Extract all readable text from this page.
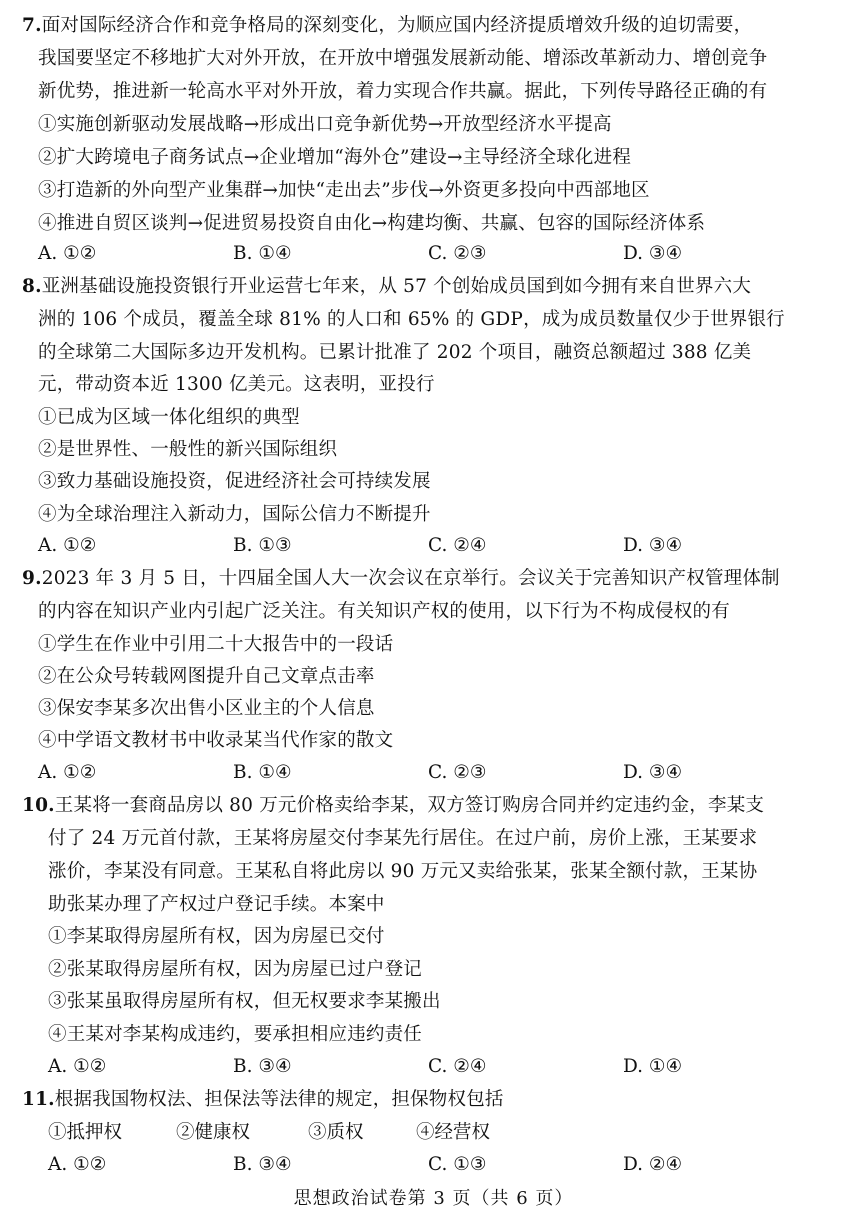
7.面对国际经济合作和竞争格局的深刻变化，为顺应国内经济提质增效升级的迫切需要，
我国要坚定不移地扩大对外开放，在开放中增强发展新动能、增添改革新动力、增创竞争
新优势，推进新一轮高水平对外开放，着力实现合作共赢。据此，下列传导路径正确的有
①实施创新驱动发展战略→形成出口竞争新优势→开放型经济水平提高
②扩大跨境电子商务试点→企业增加“海外仓”建设→主导经济全球化进程
③打造新的外向型产业集群→加快“走出去”步伐→外资更多投向中西部地区
④推进自贸区谈判→促进贸易投资自由化→构建均衡、共赢、包容的国际经济体系
A. ①②	B. ①④	C. ②③	D. ③④
8.亚洲基础设施投资银行开业运营七年来，从 57 个创始成员国到如今拥有来自世界六大
洲的 106 个成员，覆盖全球 81% 的人口和 65% 的 GDP，成为成员数量仅少于世界银行
的全球第二大国际多边开发机构。已累计批准了 202 个项目，融资总额超过 388 亿美
元，带动资本近 1300 亿美元。这表明，亚投行
①已成为区域一体化组织的典型
②是世界性、一般性的新兴国际组织
③致力基础设施投资，促进经济社会可持续发展
④为全球治理注入新动力，国际公信力不断提升
A. ①②	B. ①③	C. ②④	D. ③④
9.2023 年 3 月 5 日，十四届全国人大一次会议在京举行。会议关于完善知识产权管理体制
的内容在知识产业内引起广泛关注。有关知识产权的使用，以下行为不构成侵权的有
①学生在作业中引用二十大报告中的一段话
②在公众号转载网图提升自己文章点击率
③保安李某多次出售小区业主的个人信息
④中学语文教材书中收录某当代作家的散文
A. ①②	B. ①④	C. ②③	D. ③④
10.王某将一套商品房以 80 万元价格卖给李某，双方签订购房合同并约定违约金，李某支
付了 24 万元首付款，王某将房屋交付李某先行居住。在过户前，房价上涨，王某要求
涨价，李某没有同意。王某私自将此房以 90 万元又卖给张某，张某全额付款，王某协
助张某办理了产权过户登记手续。本案中
①李某取得房屋所有权，因为房屋已交付
②张某取得房屋所有权，因为房屋已过户登记
③张某虽取得房屋所有权，但无权要求李某搬出
④王某对李某构成违约，要承担相应违约责任
A. ①②	B. ③④	C. ②④	D. ①④
11.根据我国物权法、担保法等法律的规定，担保物权包括
①抵押权	②健康权	③质权	④经营权
A. ①②	B. ③④	C. ①③	D. ②④
思想政治试卷第 3 页（共 6 页）
